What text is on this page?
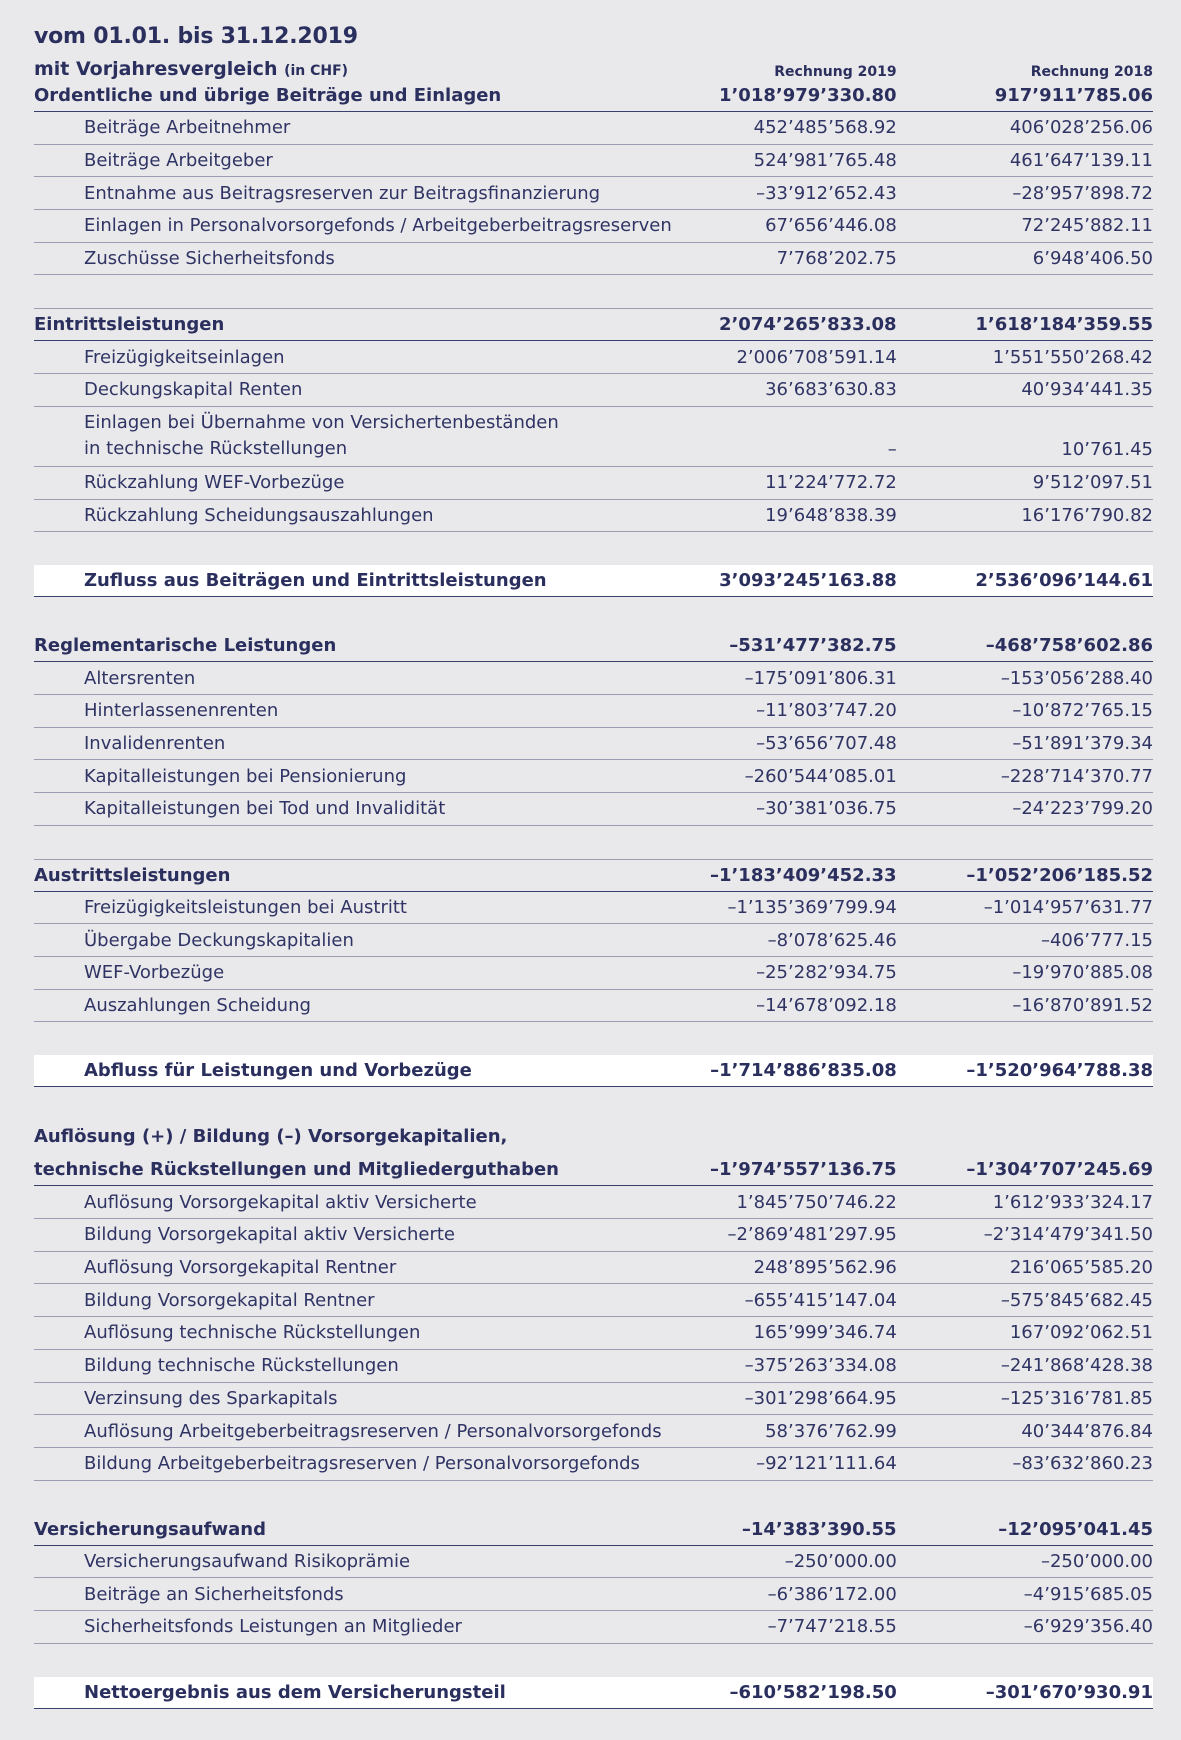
vom 01.01. bis 31.12.2019
mit Vorjahresvergleich (in CHF)	Rechnung 2019	Rechnung 2018
Ordentliche und übrige Beiträge und Einlagen	1’018’979’330.80	917’911’785.06
Beiträge Arbeitnehmer	452’485’568.92	406’028’256.06
Beiträge Arbeitgeber	524’981’765.48	461’647’139.11
Entnahme aus Beitragsreserven zur Beitragsfinanzierung	–33’912’652.43	–28’957’898.72
Einlagen in Personalvorsorgefonds / Arbeitgeberbeitragsreserven	67’656’446.08	72’245’882.11
Zuschüsse Sicherheitsfonds	7’768’202.75	6’948’406.50
Eintrittsleistungen	2’074’265’833.08	1’618’184’359.55
Freizügigkeitseinlagen	2’006’708’591.14	1’551’550’268.42
Deckungskapital Renten	36’683’630.83	40’934’441.35
Einlagen bei Übernahme von Versichertenbeständen
in technische Rückstellungen	–	10’761.45
Rückzahlung WEF-Vorbezüge	11’224’772.72	9’512’097.51
Rückzahlung Scheidungsauszahlungen	19’648’838.39	16’176’790.82
Zufluss aus Beiträgen und Eintrittsleistungen	3’093’245’163.88	2’536’096’144.61
Reglementarische Leistungen	–531’477’382.75	–468’758’602.86
Altersrenten	–175’091’806.31	–153’056’288.40
Hinterlassenenrenten	–11’803’747.20	–10’872’765.15
Invalidenrenten	–53’656’707.48	–51’891’379.34
Kapitalleistungen bei Pensionierung	–260’544’085.01	–228’714’370.77
Kapitalleistungen bei Tod und Invalidität	–30’381’036.75	–24’223’799.20
Austrittsleistungen	–1’183’409’452.33	–1’052’206’185.52
Freizügigkeitsleistungen bei Austritt	–1’135’369’799.94	–1’014’957’631.77
Übergabe Deckungskapitalien	–8’078’625.46	–406’777.15
WEF-Vorbezüge	–25’282’934.75	–19’970’885.08
Auszahlungen Scheidung	–14’678’092.18	–16’870’891.52
Abfluss für Leistungen und Vorbezüge	–1’714’886’835.08	–1’520’964’788.38
Auflösung (+) / Bildung (–) Vorsorgekapitalien,
technische Rückstellungen und Mitgliederguthaben	–1’974’557’136.75	–1’304’707’245.69
Auflösung Vorsorgekapital aktiv Versicherte	1’845’750’746.22	1’612’933’324.17
Bildung Vorsorgekapital aktiv Versicherte	–2’869’481’297.95	–2’314’479’341.50
Auflösung Vorsorgekapital Rentner	248’895’562.96	216’065’585.20
Bildung Vorsorgekapital Rentner	–655’415’147.04	–575’845’682.45
Auflösung technische Rückstellungen	165’999’346.74	167’092’062.51
Bildung technische Rückstellungen	–375’263’334.08	–241’868’428.38
Verzinsung des Sparkapitals	–301’298’664.95	–125’316’781.85
Auflösung Arbeitgeberbeitragsreserven / Personalvorsorgefonds	58’376’762.99	40’344’876.84
Bildung Arbeitgeberbeitragsreserven / Personalvorsorgefonds	–92’121’111.64	–83’632’860.23
Versicherungsaufwand	–14’383’390.55	–12’095’041.45
Versicherungsaufwand Risikoprämie	–250’000.00	–250’000.00
Beiträge an Sicherheitsfonds	–6’386’172.00	–4’915’685.05
Sicherheitsfonds Leistungen an Mitglieder	–7’747’218.55	–6’929’356.40
Nettoergebnis aus dem Versicherungsteil	–610’582’198.50	–301’670’930.91
